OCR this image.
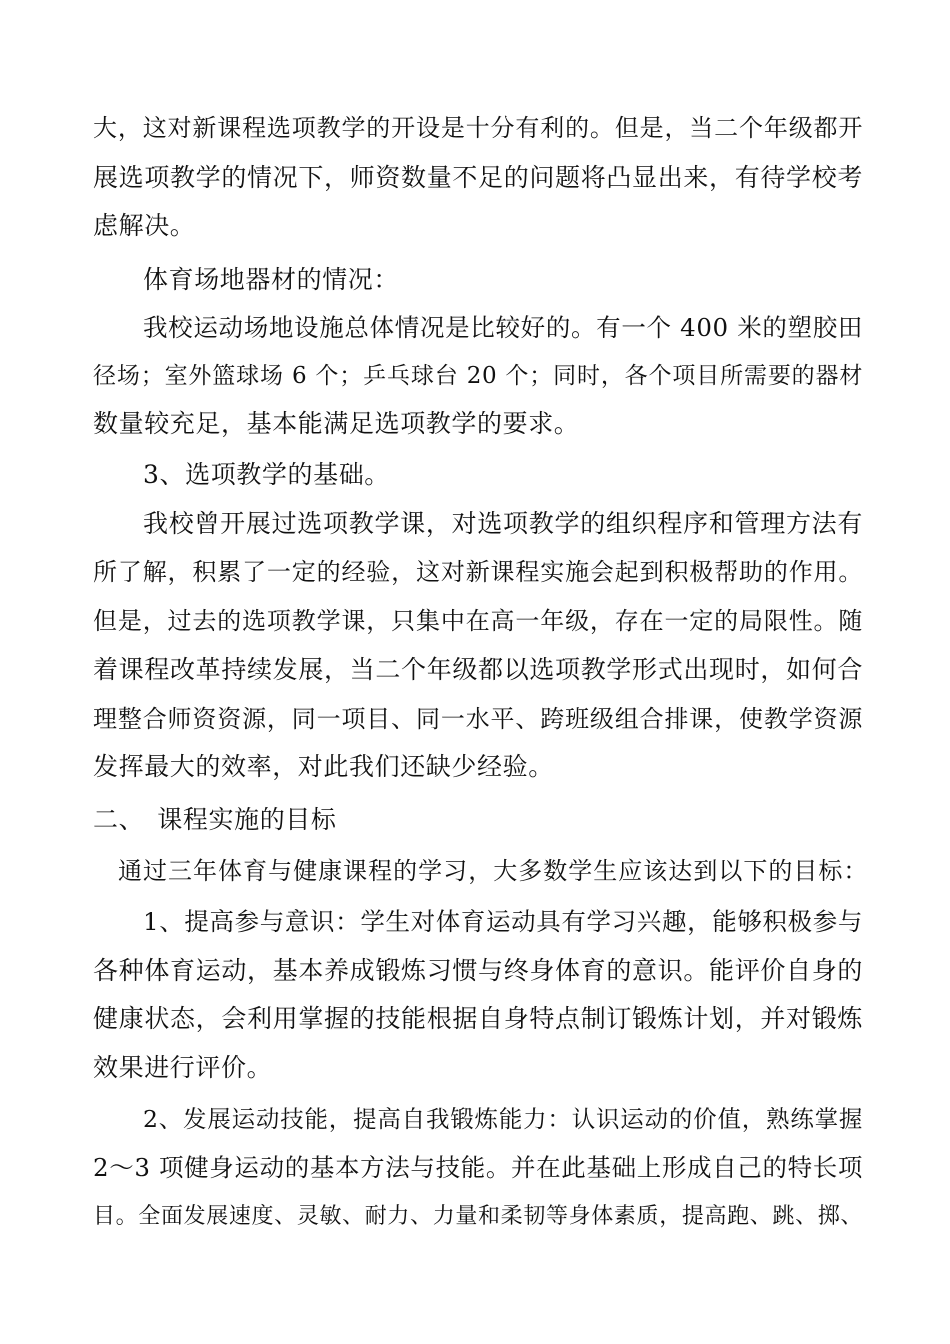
大，这对新课程选项教学的开设是十分有利的。但是，当二个年级都开
展选项教学的情况下，师资数量不足的问题将凸显出来，有待学校考
虑解决。
体育场地器材的情况：
我校运动场地设施总体情况是比较好的。有一个 400 米的塑胶田
径场；室外篮球场 6 个；乒乓球台 20 个；同时，各个项目所需要的器材
数量较充足，基本能满足选项教学的要求。
3、选项教学的基础。
我校曾开展过选项教学课，对选项教学的组织程序和管理方法有
所了解，积累了一定的经验，这对新课程实施会起到积极帮助的作用。
但是，过去的选项教学课，只集中在高一年级，存在一定的局限性。随
着课程改革持续发展，当二个年级都以选项教学形式出现时，如何合
理整合师资资源，同一项目、同一水平、跨班级组合排课，使教学资源
发挥最大的效率，对此我们还缺少经验。
二、　课程实施的目标
通过三年体育与健康课程的学习，大多数学生应该达到以下的目标：
1、提高参与意识：学生对体育运动具有学习兴趣，能够积极参与
各种体育运动，基本养成锻炼习惯与终身体育的意识。能评价自身的
健康状态，会利用掌握的技能根据自身特点制订锻炼计划，并对锻炼
效果进行评价。
2、发展运动技能，提高自我锻炼能力：认识运动的价值，熟练掌握
2～3 项健身运动的基本方法与技能。并在此基础上形成自己的特长项
目。全面发展速度、灵敏、耐力、力量和柔韧等身体素质，提高跑、跳、掷、
